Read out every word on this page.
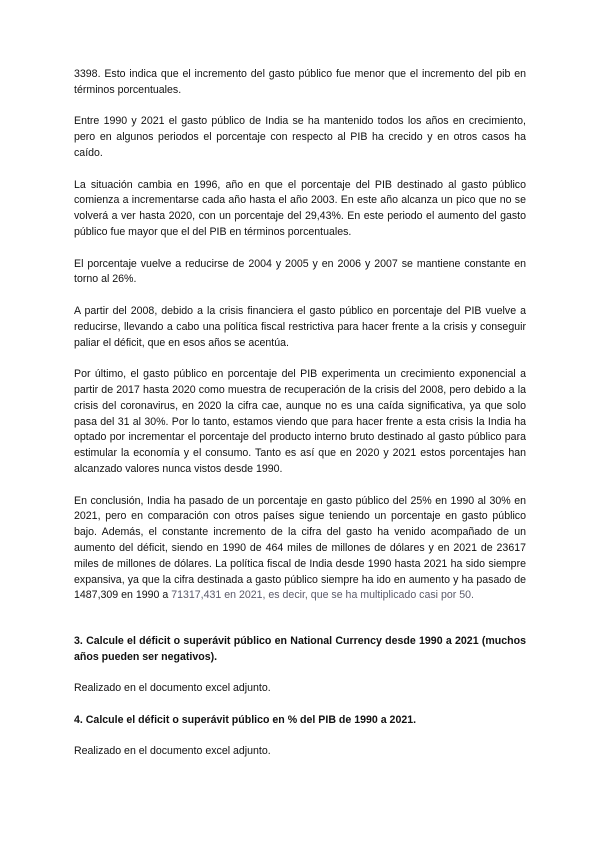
3398. Esto indica que el incremento del gasto público fue menor que el incremento del pib en términos porcentuales.

Entre 1990 y 2021 el gasto público de India se ha mantenido todos los años en crecimiento, pero en algunos periodos el porcentaje con respecto al PIB ha crecido y en otros casos ha caído.

La situación cambia en 1996, año en que el porcentaje del PIB destinado al gasto público comienza a incrementarse cada año hasta el año 2003. En este año alcanza un pico que no se volverá a ver hasta 2020, con un porcentaje del 29,43%. En este periodo el aumento del gasto público fue mayor que el del PIB en términos porcentuales.

El porcentaje vuelve a reducirse de 2004 y 2005 y en 2006 y 2007 se mantiene constante en torno al 26%.

A partir del 2008, debido a la crisis financiera el gasto público en porcentaje del PIB vuelve a reducirse, llevando a cabo una política fiscal restrictiva para hacer frente a la crisis y conseguir paliar el déficit, que en esos años se acentúa.

Por último, el gasto público en porcentaje del PIB experimenta un crecimiento exponencial a partir de 2017 hasta 2020 como muestra de recuperación de la crisis del 2008, pero debido a la crisis del coronavirus, en 2020 la cifra cae, aunque no es una caída significativa, ya que solo pasa del 31 al 30%. Por lo tanto, estamos viendo que para hacer frente a esta crisis la India ha optado por incrementar el porcentaje del producto interno bruto destinado al gasto público para estimular la economía y el consumo. Tanto es así que en 2020 y 2021 estos porcentajes han alcanzado valores nunca vistos desde 1990.

En conclusión, India ha pasado de un porcentaje en gasto público del 25% en 1990 al 30% en 2021, pero en comparación con otros países sigue teniendo un porcentaje en gasto público bajo. Además, el constante incremento de la cifra del gasto ha venido acompañado de un aumento del déficit, siendo en 1990 de 464 miles de millones de dólares y en 2021 de 23617 miles de millones de dólares. La política fiscal de India desde 1990 hasta 2021 ha sido siempre expansiva, ya que la cifra destinada a gasto público siempre ha ido en aumento y ha pasado de 1487,309 en 1990 a 71317,431 en 2021, es decir, que se ha multiplicado casi por 50.

3. Calcule el déficit o superávit público en National Currency desde 1990 a 2021 (muchos años pueden ser negativos).

Realizado en el documento excel adjunto.

4. Calcule el déficit o superávit público en % del PIB de 1990 a 2021.

Realizado en el documento excel adjunto.
